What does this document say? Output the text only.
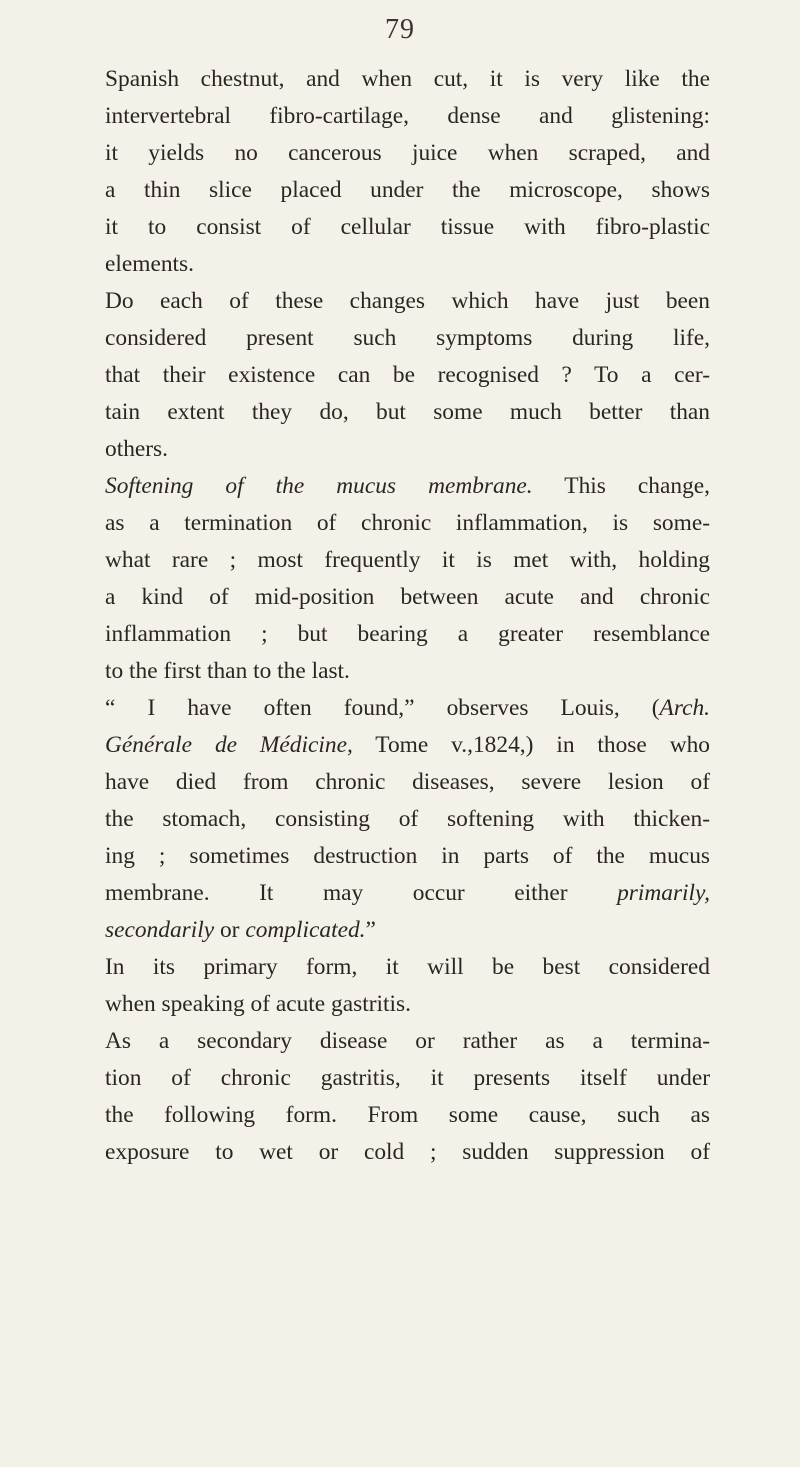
79
Spanish chestnut, and when cut, it is very like the
intervertebral fibro-cartilage, dense and glistening:
it yields no cancerous juice when scraped, and
a thin slice placed under the microscope, shows
it to consist of cellular tissue with fibro-plastic
elements.
Do each of these changes which have just been
considered present such symptoms during life,
that their existence can be recognised ? To a cer-
tain extent they do, but some much better than
others.
Softening of the mucus membrane. This change,
as a termination of chronic inflammation, is some-
what rare ; most frequently it is met with, holding
a kind of mid-position between acute and chronic
inflammation ; but bearing a greater resemblance
to the first than to the last.
“ I have often found,” observes Louis, (Arch.
Générale de Médicine, Tome v.,1824,) in those who
have died from chronic diseases, severe lesion of
the stomach, consisting of softening with thicken-
ing ; sometimes destruction in parts of the mucus
membrane. It may occur either primarily,
secondarily or complicated.”
In its primary form, it will be best considered
when speaking of acute gastritis.
As a secondary disease or rather as a termina-
tion of chronic gastritis, it presents itself under
the following form. From some cause, such as
exposure to wet or cold ; sudden suppression of
